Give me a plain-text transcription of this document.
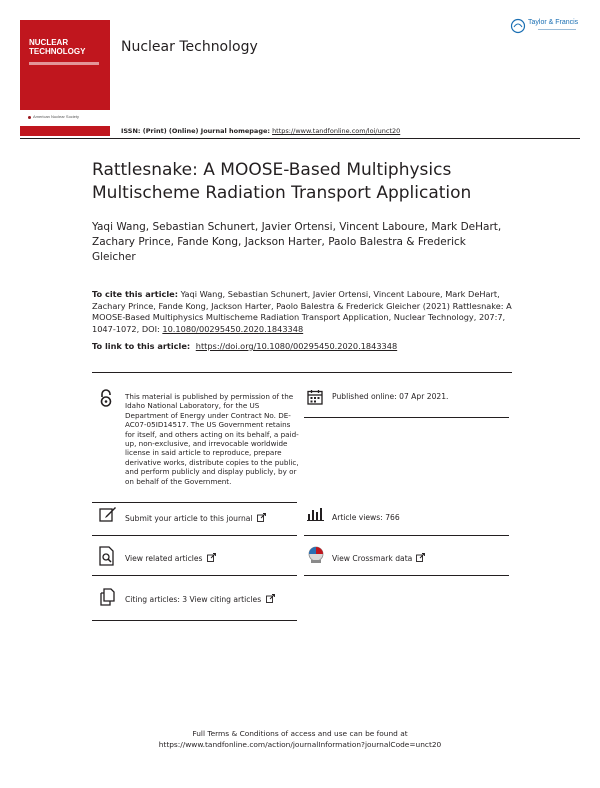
NUCLEAR TECHNOLOGY
American Nuclear Society
Nuclear Technology
Taylor & Francis
ISSN: (Print) (Online) Journal homepage: https://www.tandfonline.com/loi/unct20
Rattlesnake: A MOOSE-Based Multiphysics Multischeme Radiation Transport Application
Yaqi Wang, Sebastian Schunert, Javier Ortensi, Vincent Laboure, Mark DeHart, Zachary Prince, Fande Kong, Jackson Harter, Paolo Balestra & Frederick Gleicher
To cite this article: Yaqi Wang, Sebastian Schunert, Javier Ortensi, Vincent Laboure, Mark DeHart, Zachary Prince, Fande Kong, Jackson Harter, Paolo Balestra & Frederick Gleicher (2021) Rattlesnake: A MOOSE-Based Multiphysics Multischeme Radiation Transport Application, Nuclear Technology, 207:7, 1047-1072, DOI: 10.1080/00295450.2020.1843348
To link to this article: https://doi.org/10.1080/00295450.2020.1843348
This material is published by permission of the Idaho National Laboratory, for the US Department of Energy under Contract No. DE-AC07-05ID14517. The US Government retains for itself, and others acting on its behalf, a paid-up, non-exclusive, and irrevocable worldwide license in said article to reproduce, prepare derivative works, distribute copies to the public, and perform publicly and display publicly, by or on behalf of the Government.
Published online: 07 Apr 2021.
Submit your article to this journal	Article views: 766
View related articles	View Crossmark data
Citing articles: 3 View citing articles
Full Terms & Conditions of access and use can be found at
https://www.tandfonline.com/action/journalInformation?journalCode=unct20
